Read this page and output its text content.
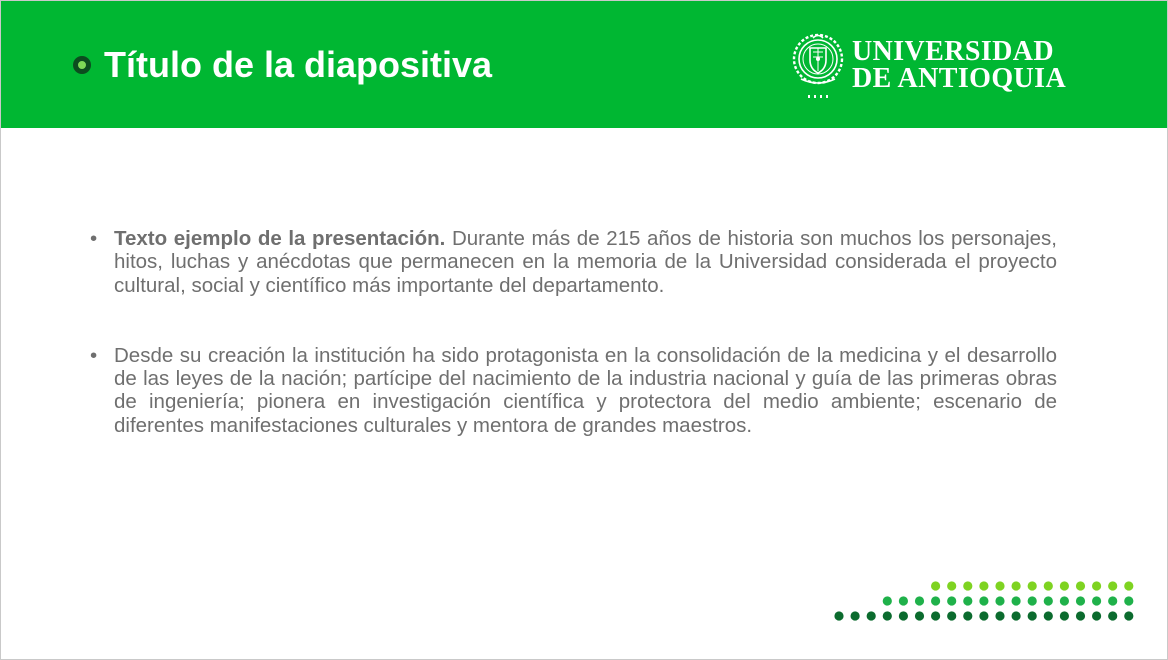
Título de la diapositiva	UNIVERSIDAD
DE ANTIOQUIA
• Texto ejemplo de la presentación. Durante más de 215 años de historia son muchos los personajes, hitos, luchas y anécdotas que permanecen en la memoria de la Universidad considerada el proyecto cultural, social y científico más importante del departamento.
• Desde su creación la institución ha sido protagonista en la consolidación de la medicina y el desarrollo de las leyes de la nación; partícipe del nacimiento de la industria nacional y guía de las primeras obras de ingeniería; pionera en investigación científica y protectora del medio ambiente; escenario de diferentes manifestaciones culturales y mentora de grandes maestros.
